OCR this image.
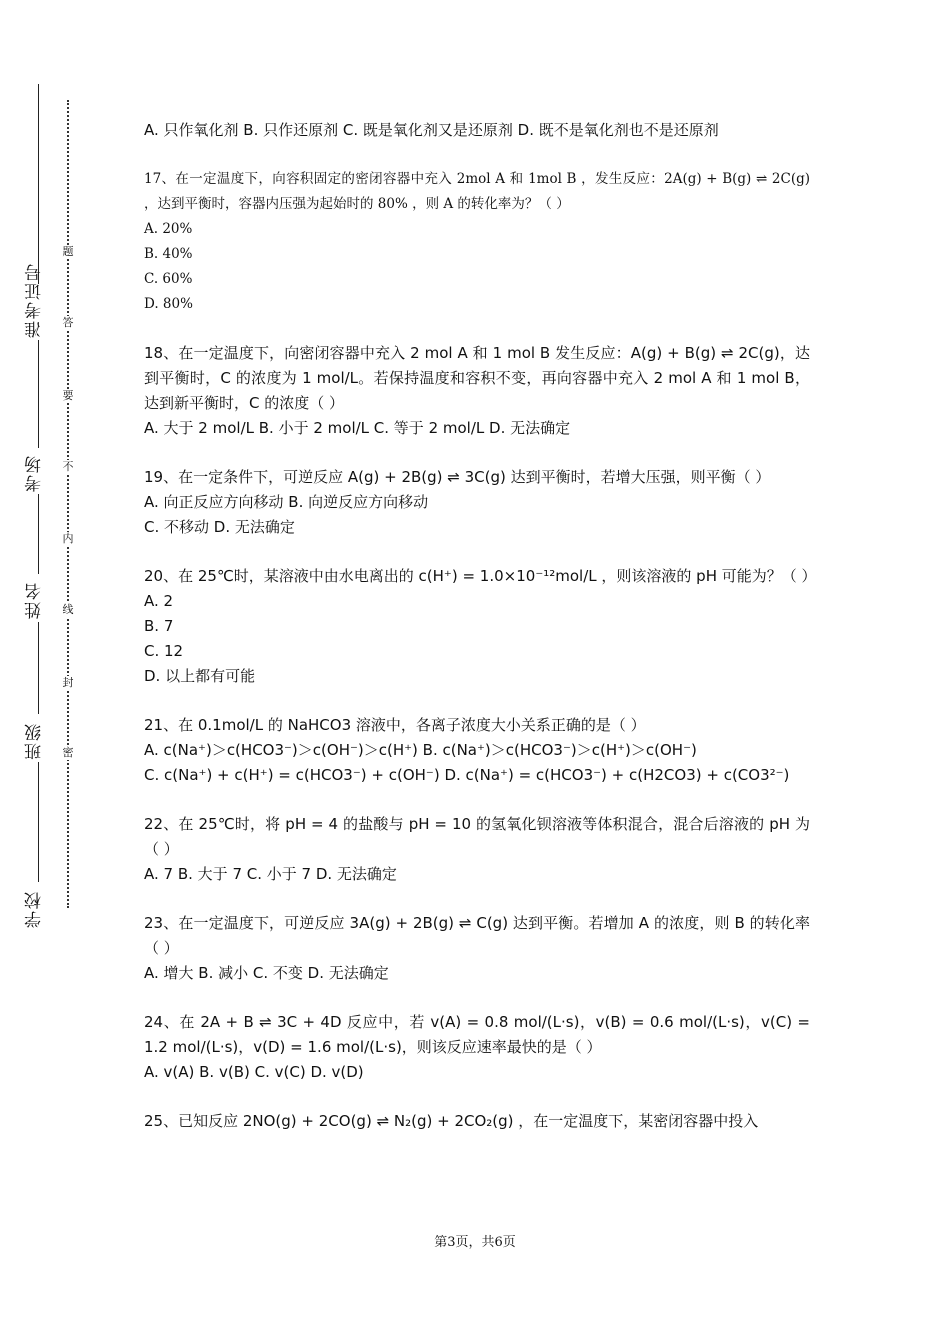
准考证号
考场
姓名
班级
学校
题
答
要
不
内
线
封
密

A. 只作氧化剂 B. 只作还原剂 C. 既是氧化剂又是还原剂 D. 既不是氧化剂也不是还原剂

17、在一定温度下，向容积固定的密闭容器中充入 2mol A 和 1mol B ，发生反应：2A(g) + B(g) ⇌ 2C(g) ，达到平衡时，容器内压强为起始时的 80% ，则 A 的转化率为？（ ）

A. 20%

B. 40%

C. 60%

D. 80%

18、在一定温度下，向密闭容器中充入 2 mol A 和 1 mol B 发生反应：A(g) + B(g) ⇌ 2C(g)，达到平衡时，C 的浓度为 1 mol/L。若保持温度和容积不变，再向容器中充入 2 mol A 和 1 mol B，达到新平衡时，C 的浓度（ ）

A. 大于 2 mol/L B. 小于 2 mol/L C. 等于 2 mol/L D. 无法确定

19、在一定条件下，可逆反应 A(g) + 2B(g) ⇌ 3C(g) 达到平衡时，若增大压强，则平衡（ ）

A. 向正反应方向移动 B. 向逆反应方向移动

C. 不移动 D. 无法确定

20、在 25℃时，某溶液中由水电离出的 c(H⁺) = 1.0×10⁻¹²mol/L ，则该溶液的 pH 可能为？（ ）

A. 2

B. 7

C. 12

D. 以上都有可能

21、在 0.1mol/L 的 NaHCO3 溶液中，各离子浓度大小关系正确的是（ ）

A. c(Na⁺)＞c(HCO3⁻)＞c(OH⁻)＞c(H⁺) B. c(Na⁺)＞c(HCO3⁻)＞c(H⁺)＞c(OH⁻)

C. c(Na⁺) + c(H⁺) = c(HCO3⁻) + c(OH⁻) D. c(Na⁺) = c(HCO3⁻) + c(H2CO3) + c(CO3²⁻)

22、在 25℃时，将 pH = 4 的盐酸与 pH = 10 的氢氧化钡溶液等体积混合，混合后溶液的 pH 为（ ）

A. 7 B. 大于 7 C. 小于 7 D. 无法确定

23、在一定温度下，可逆反应 3A(g) + 2B(g) ⇌ C(g) 达到平衡。若增加 A 的浓度，则 B 的转化率（ ）

A. 增大 B. 减小 C. 不变 D. 无法确定

24、在 2A + B ⇌ 3C + 4D 反应中，若 v(A) = 0.8 mol/(L·s)，v(B) = 0.6 mol/(L·s)，v(C) = 1.2 mol/(L·s)，v(D) = 1.6 mol/(L·s)，则该反应速率最快的是（ ）

A. v(A) B. v(B) C. v(C) D. v(D)

25、已知反应 2NO(g) + 2CO(g) ⇌ N₂(g) + 2CO₂(g) ，在一定温度下，某密闭容器中投入

第3页，共6页
